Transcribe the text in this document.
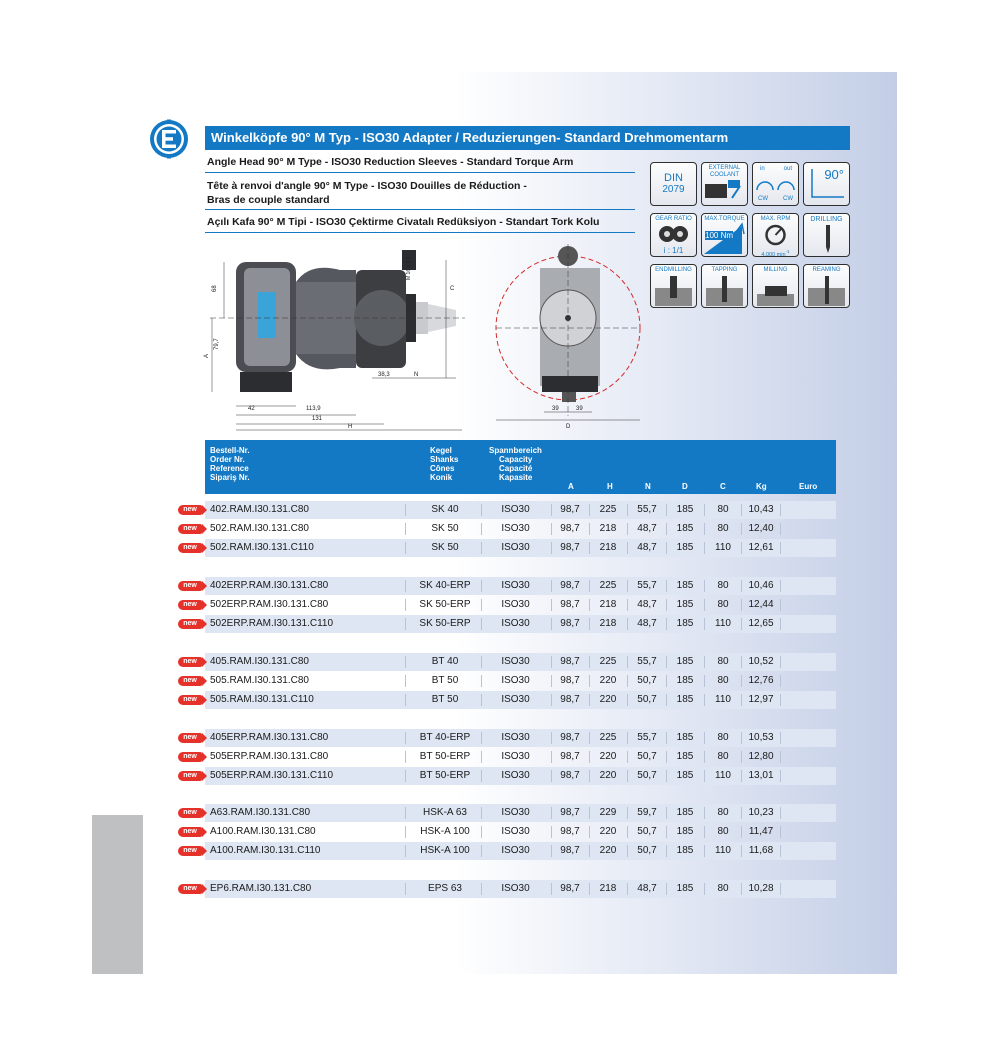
Winkelköpfe 90° M Typ - ISO30 Adapter / Reduzierungen- Standard Drehmomentarm
Angle Head 90° M Type - ISO30 Reduction Sleeves - Standard Torque Arm
Tête à renvoi d'angle 90° M Type - ISO30 Douilles de Réduction -
Bras de couple standard
Açılı Kafa 90° M Tipi - ISO30 Çektirme Civatalı Redüksiyon - Standart Tork Kolu
DIN
2079
EXTERNAL
COOLANT
in	out
CW	CW
90°
GEAR RATIO
i : 1/1
MAX.TORQUE
100 Nm
MAX. RPM
4,000 $\min^{-1}$
DRILLING
ENDMILLING	TAPPING	MILLING	REAMING
68
79,7
A
42	113,9
131
H
38,3	N
C
M 16 x 1,5
39	39
D
Bestell-Nr.
Order Nr.
Reference
Sipariş Nr.
Kegel
Shanks
Cônes
Konik
Spannbereich
Capacity
Capacité
Kapasite
A	H	N	D	C	Kg	Euro
402.RAM.I30.131.C80	SK 40	ISO30	98,7	225	55,7	185	80	10,43
new
502.RAM.I30.131.C80	SK 50	ISO30	98,7	218	48,7	185	80	12,40
new
502.RAM.I30.131.C110	SK 50	ISO30	98,7	218	48,7	185	110	12,61
new
402ERP.RAM.I30.131.C80	SK 40-ERP	ISO30	98,7	225	55,7	185	80	10,46
new
502ERP.RAM.I30.131.C80	SK 50-ERP	ISO30	98,7	218	48,7	185	80	12,44
new
502ERP.RAM.I30.131.C110	SK 50-ERP	ISO30	98,7	218	48,7	185	110	12,65
new
405.RAM.I30.131.C80	BT 40	ISO30	98,7	225	55,7	185	80	10,52
new
505.RAM.I30.131.C80	BT 50	ISO30	98,7	220	50,7	185	80	12,76
new
505.RAM.I30.131.C110	BT 50	ISO30	98,7	220	50,7	185	110	12,97
new
405ERP.RAM.I30.131.C80	BT 40-ERP	ISO30	98,7	225	55,7	185	80	10,53
new
505ERP.RAM.I30.131.C80	BT 50-ERP	ISO30	98,7	220	50,7	185	80	12,80
new
505ERP.RAM.I30.131.C110	BT 50-ERP	ISO30	98,7	220	50,7	185	110	13,01
new
A63.RAM.I30.131.C80	HSK-A 63	ISO30	98,7	229	59,7	185	80	10,23
new
A100.RAM.I30.131.C80	HSK-A 100	ISO30	98,7	220	50,7	185	80	11,47
new
A100.RAM.I30.131.C110	HSK-A 100	ISO30	98,7	220	50,7	185	110	11,68
new
EP6.RAM.I30.131.C80	EPS 63	ISO30	98,7	218	48,7	185	80	10,28
new
